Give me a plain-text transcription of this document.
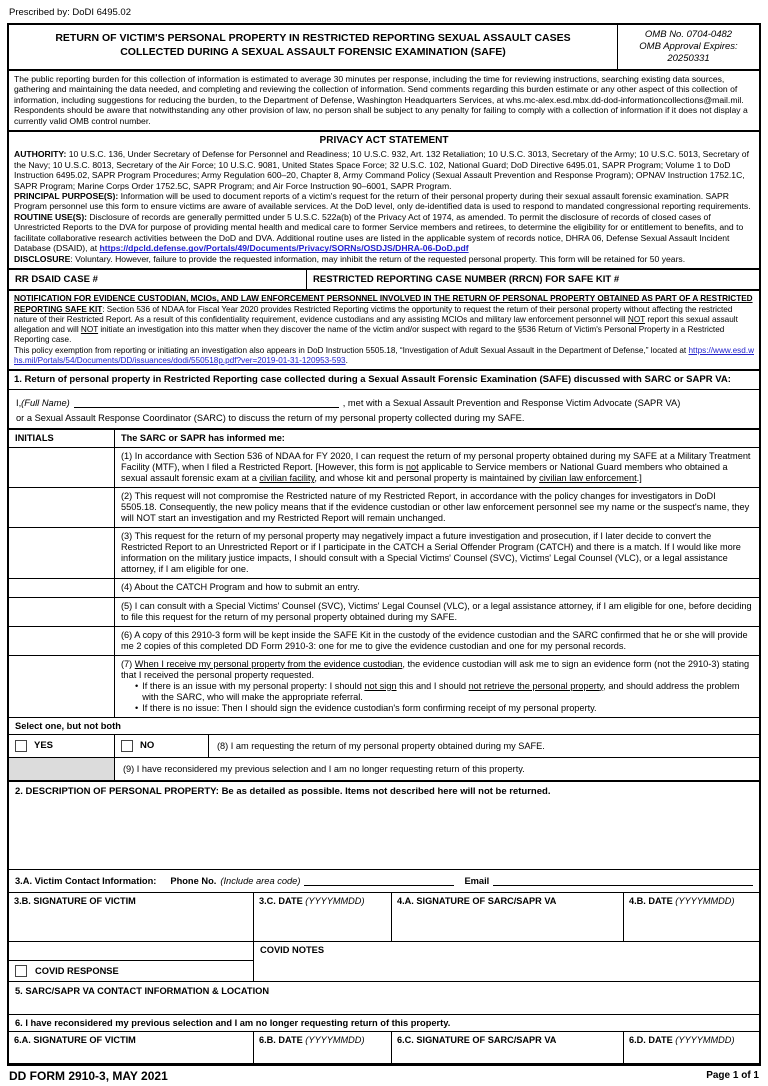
Prescribed by: DoDI 6495.02
RETURN OF VICTIM'S PERSONAL PROPERTY IN RESTRICTED REPORTING SEXUAL ASSAULT CASES
COLLECTED DURING A SEXUAL ASSAULT FORENSIC EXAMINATION (SAFE)
OMB No. 0704-0482
OMB Approval Expires:
20250331
The public reporting burden for this collection of information is estimated to average 30 minutes per response, including the time for reviewing instructions, searching existing data sources, gathering and maintaining the data needed, and completing and reviewing the collection of information. Send comments regarding this burden estimate or any other aspect of this collection of information, including suggestions for reducing the burden, to the Department of Defense, Washington Headquarters Services, at whs.mc-alex.esd.mbx.dd-dod-informationcollections@mail.mil. Respondents should be aware that notwithstanding any other provision of law, no person shall be subject to any penalty for failing to comply with a collection of information if it does not display a currently valid OMB control number.
PRIVACY ACT STATEMENT

AUTHORITY: 10 U.S.C. 136, Under Secretary of Defense for Personnel and Readiness; 10 U.S.C. 932, Art. 132 Retaliation; 10 U.S.C. 3013, Secretary of the Army; 10 U.S.C. 5013, Secretary of the Navy; 10 U.S.C. 8013, Secretary of the Air Force; 10 U.S.C. 9081, United States Space Force; 32 U.S.C. 102, National Guard; DoD Directive 6495.01, SAPR Program; Volume 1 to DoD Instruction 6495.02, SAPR Program Procedures; Army Regulation 600–20, Chapter 8, Army Command Policy (Sexual Assault Prevention and Response Program); OPNAV Instruction 1752.1C, SAPR Program; Marine Corps Order 1752.5C, SAPR Program; and Air Force Instruction 90–6001, SAPR Program.

PRINCIPAL PURPOSE(S): Information will be used to document reports of a victim's request for the return of their personal property during their sexual assault forensic examination. SAPR Program personnel use this form to ensure victims are aware of available services. At the DoD level, only de-identified data is used to respond to mandated congressional reporting requirements.

ROUTINE USE(S): Disclosure of records are generally permitted under 5 U.S.C. 522a(b) of the Privacy Act of 1974, as amended. To permit the disclosure of records of closed cases of Unrestricted Reports to the DVA for purpose of providing mental health and medical care to former Service members and retirees, to determine the eligibility for or entitlement to benefits, and to facilitate collaborative research activities between the DoD and DVA. Additional routine uses are listed in the applicable system of records notice, DHRA 06, Defense Sexual Assault Incident Database (DSAID), at https://dpcld.defense.gov/Portals/49/Documents/Privacy/SORNs/OSDJS/DHRA-06-DoD.pdf

DISCLOSURE: Voluntary. However, failure to provide the requested information, may inhibit the return of the requested personal property. This form will be retained for 50 years.

RR DSAID CASE #	RESTRICTED REPORTING CASE NUMBER (RRCN) FOR SAFE KIT #

NOTIFICATION FOR EVIDENCE CUSTODIAN, MCIOs, AND LAW ENFORCEMENT PERSONNEL INVOLVED IN THE RETURN OF PERSONAL PROPERTY OBTAINED AS PART OF A RESTRICTED REPORTING SAFE KIT: Section 536 of NDAA for Fiscal Year 2020 provides Restricted Reporting victims the opportunity to request the return of their personal property without affecting the restricted nature of their Restricted Report. As a result of this confidentiality requirement, evidence custodians and any assisting MCIOs and military law enforcement personnel will NOT report this sexual assault allegation and will NOT initiate an investigation into this matter when they discover the name of the victim and/or suspect with regard to the §536 Return of Victim's Personal Property in a Restricted Reporting case.

This policy exemption from reporting or initiating an investigation also appears in DoD Instruction 5505.18, “Investigation of Adult Sexual Assault in the Department of Defense,” located at https://www.esd.whs.mil/Portals/54/Documents/DD/issuances/dodi/550518p.pdf?ver=2019-01-31-120953-593.

1. Return of personal property in Restricted Reporting case collected during a Sexual Assault Forensic Examination (SAFE) discussed with SARC or SAPR VA:
I, (Full Name)	, met with a Sexual Assault Prevention and Response Victim Advocate (SAPR VA)
or a Sexual Assault Response Coordinator (SARC) to discuss the return of my personal property collected during my SAFE.
INITIALS	The SARC or SAPR has informed me:
(1) In accordance with Section 536 of NDAA for FY 2020, I can request the return of my personal property obtained during my SAFE at a Military Treatment Facility (MTF), when I filed a Restricted Report. [However, this form is not applicable to Service members or National Guard members who obtained a sexual assault forensic exam at a civilian facility, and whose kit and personal property is maintained by civilian law enforcement.]
(2) This request will not compromise the Restricted nature of my Restricted Report, in accordance with the policy changes for investigators in DoDI 5505.18. Consequently, the new policy means that if the evidence custodian or other law enforcement personnel see my name or the suspect's name, they will NOT start an investigation and my Restricted Report will remain unchanged.
(3) This request for the return of my personal property may negatively impact a future investigation and prosecution, if I later decide to convert the Restricted Report to an Unrestricted Report or if I participate in the CATCH a Serial Offender Program (CATCH) and there is a match. If I would like more information on the military justice impacts, I should consult with a Special Victims' Counsel (SVC), Victims' Legal Counsel (VLC), or a legal assistance attorney, if I am eligible for one.
(4) About the CATCH Program and how to submit an entry.
(5) I can consult with a Special Victims' Counsel (SVC), Victims' Legal Counsel (VLC), or a legal assistance attorney, if I am eligible for one, before deciding to file this request for the return of my personal property obtained during my SAFE.
(6) A copy of this 2910-3 form will be kept inside the SAFE Kit in the custody of the evidence custodian and the SARC confirmed that he or she will provide me 2 copies of this completed DD Form 2910-3: one for me to give the evidence custodian and one for my personal records.
(7) When I receive my personal property from the evidence custodian, the evidence custodian will ask me to sign an evidence form (not the 2910-3) stating that I received the personal property requested.
• If there is an issue with my personal property: I should not sign this and I should not retrieve the personal property, and should address the problem with the SARC, who will make the appropriate referral.
• If there is no issue: Then I should sign the evidence custodian's form confirming receipt of my personal property.
Select one, but not both
YES	NO	(8) I am requesting the return of my personal property obtained during my SAFE.
(9) I have reconsidered my previous selection and I am no longer requesting return of this property.
2. DESCRIPTION OF PERSONAL PROPERTY: Be as detailed as possible. Items not described here will not be returned.
3.A. Victim Contact Information: Phone No. (Include area code)	Email
3.B. SIGNATURE OF VICTIM	3.C. DATE (YYYYMMDD)	4.A. SIGNATURE OF SARC/SAPR VA	4.B. DATE (YYYYMMDD)
COVID RESPONSE
COVID NOTES
5. SARC/SAPR VA CONTACT INFORMATION & LOCATION
6. I have reconsidered my previous selection and I am no longer requesting return of this property.
6.A. SIGNATURE OF VICTIM	6.B. DATE (YYYYMMDD)	6.C. SIGNATURE OF SARC/SAPR VA	6.D. DATE (YYYYMMDD)
DD FORM 2910-3, MAY 2021	Page 1 of 1
